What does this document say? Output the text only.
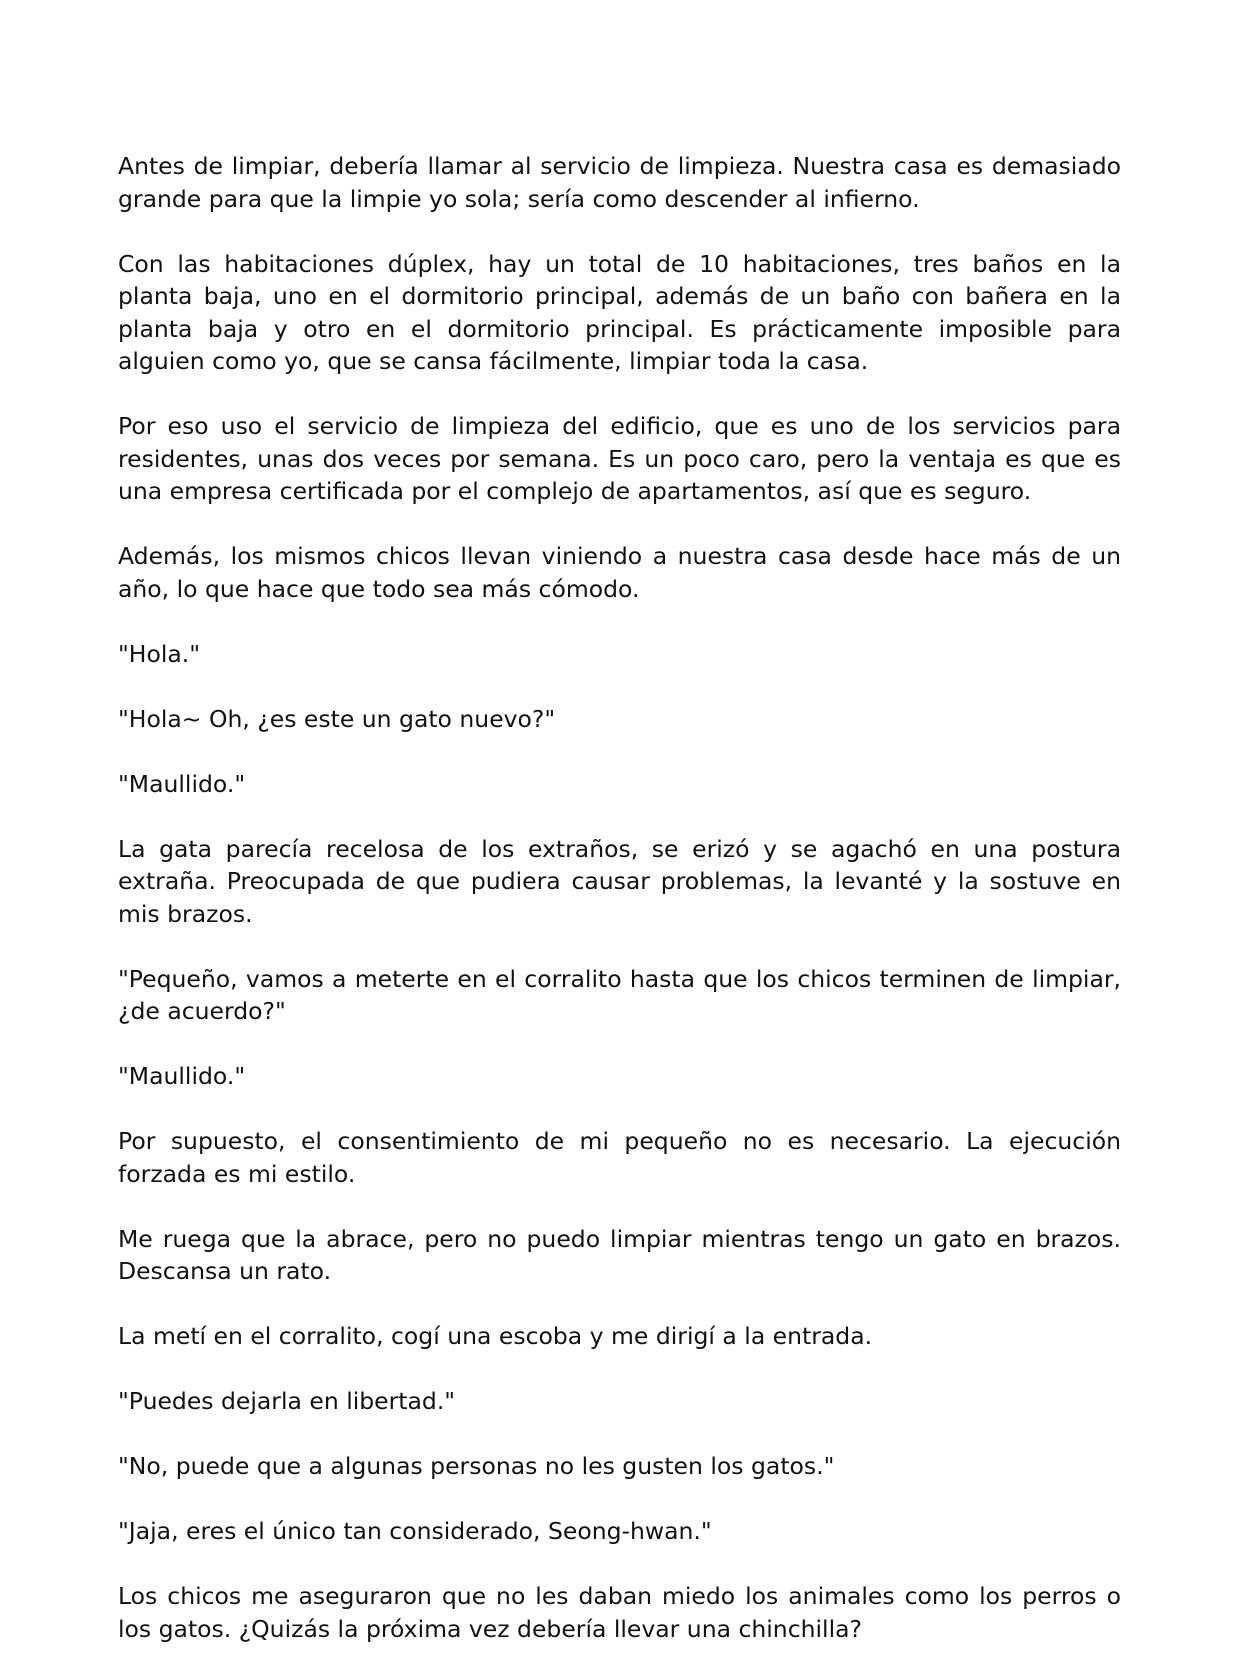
Antes de limpiar, debería llamar al servicio de limpieza. Nuestra casa es demasiado grande para que la limpie yo sola; sería como descender al infierno.

Con las habitaciones dúplex, hay un total de 10 habitaciones, tres baños en la planta baja, uno en el dormitorio principal, además de un baño con bañera en la planta baja y otro en el dormitorio principal. Es prácticamente imposible para alguien como yo, que se cansa fácilmente, limpiar toda la casa.

Por eso uso el servicio de limpieza del edificio, que es uno de los servicios para residentes, unas dos veces por semana. Es un poco caro, pero la ventaja es que es una empresa certificada por el complejo de apartamentos, así que es seguro.

Además, los mismos chicos llevan viniendo a nuestra casa desde hace más de un año, lo que hace que todo sea más cómodo.

"Hola."

"Hola~ Oh, ¿es este un gato nuevo?"

"Maullido."

La gata parecía recelosa de los extraños, se erizó y se agachó en una postura extraña. Preocupada de que pudiera causar problemas, la levanté y la sostuve en mis brazos.

"Pequeño, vamos a meterte en el corralito hasta que los chicos terminen de limpiar, ¿de acuerdo?"

"Maullido."

Por supuesto, el consentimiento de mi pequeño no es necesario. La ejecución forzada es mi estilo.

Me ruega que la abrace, pero no puedo limpiar mientras tengo un gato en brazos. Descansa un rato.

La metí en el corralito, cogí una escoba y me dirigí a la entrada.

"Puedes dejarla en libertad."

"No, puede que a algunas personas no les gusten los gatos."

"Jaja, eres el único tan considerado, Seong-hwan."

Los chicos me aseguraron que no les daban miedo los animales como los perros o los gatos. ¿Quizás la próxima vez debería llevar una chinchilla?
